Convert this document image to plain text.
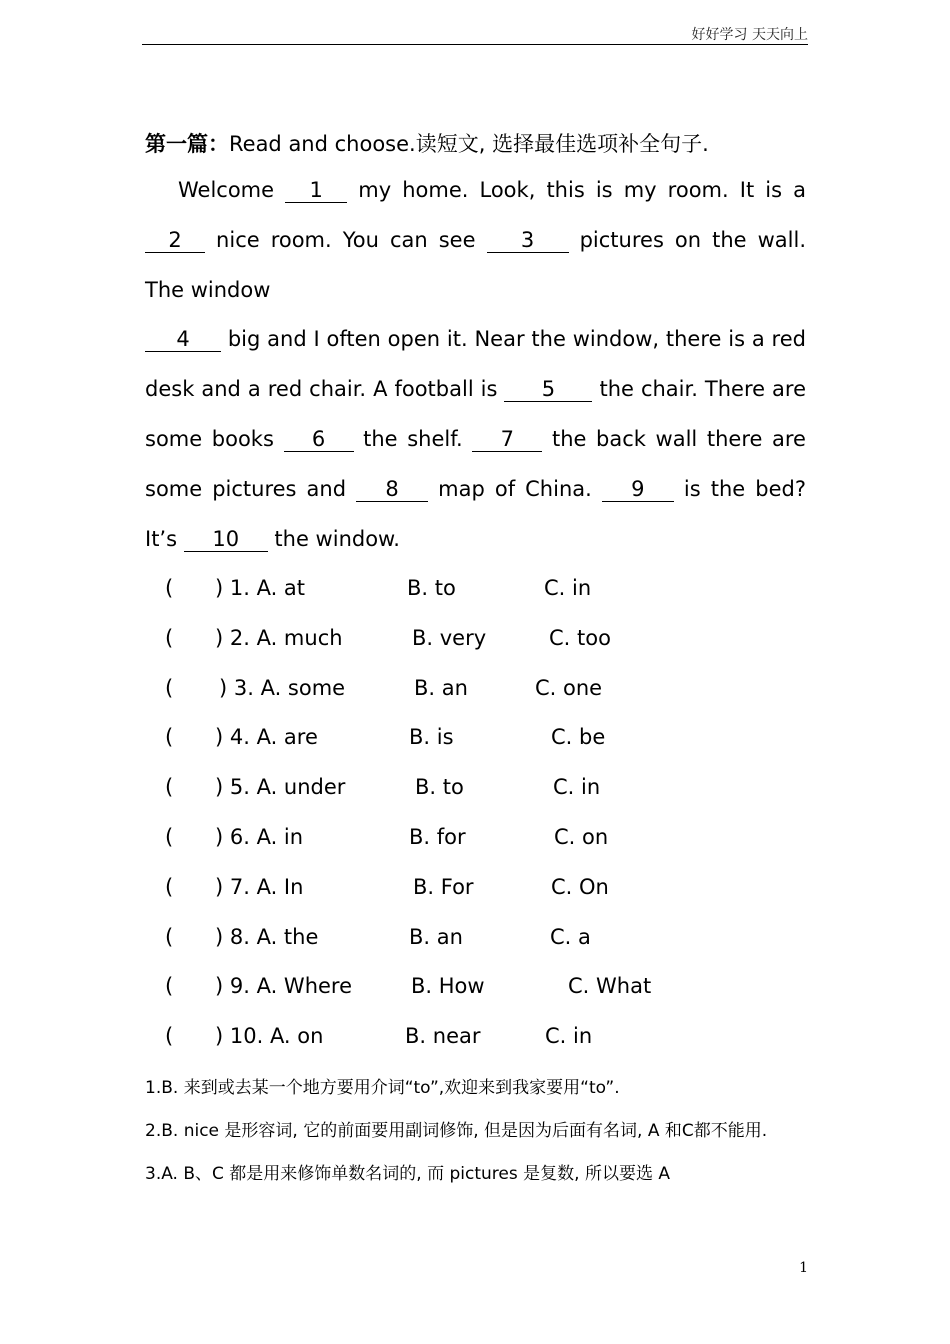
好好学习 天天向上
第一篇：Read and choose.读短文, 选择最佳选项补全句子.
Welcome 1 my home. Look, this is my room. It is a 2 nice room. You can see 3 pictures on the wall. The window
4 big and I often open it. Near the window, there is a red desk and a red chair. A football is 5 the chair. There are some books 6 the shelf. 7 the back wall there are some pictures and 8 map of China. 9 is the bed? It’s 10 the window.
( ) 1. A. at	B. to	C. in
( ) 2. A. much	B. very	C. too
( ) 3. A. some	B. an	C. one
( ) 4. A. are	B. is	C. be
( ) 5. A. under	B. to	C. in
( ) 6. A. in	B. for	C. on
( ) 7. A. In	B. For	C. On
( ) 8. A. the	B. an	C. a
( ) 9. A. Where	B. How	C. What
( ) 10. A. on	B. near	C. in

1.B. 来到或去某一个地方要用介词“to”,欢迎来到我家要用“to”.

2.B. nice 是形容词, 它的前面要用副词修饰, 但是因为后面有名词, A 和C都不能用.

3.A. B、C 都是用来修饰单数名词的, 而 pictures 是复数, 所以要选 A

1
